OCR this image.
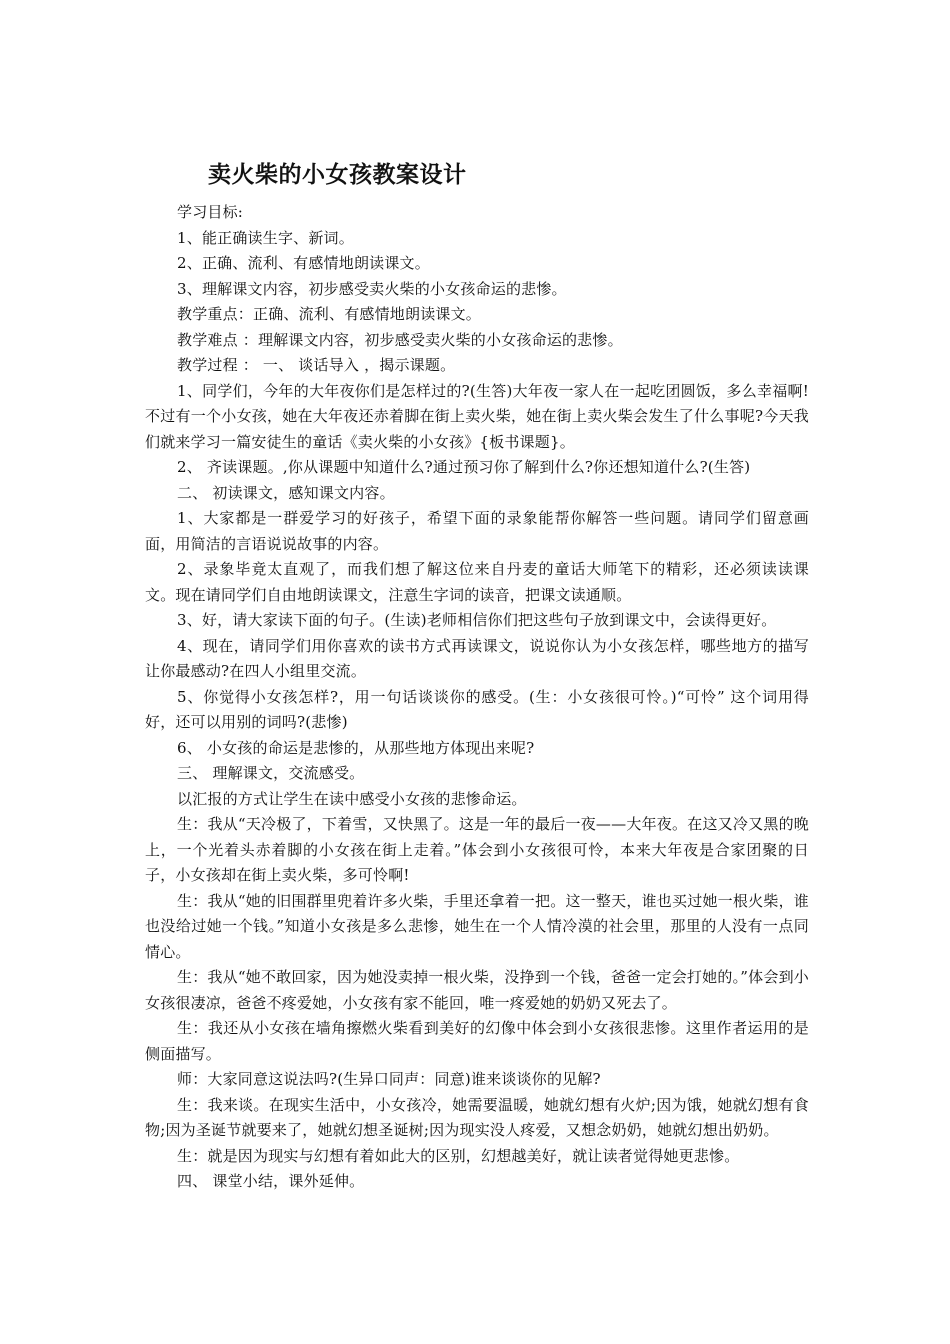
卖火柴的小女孩教案设计

学习目标:

1、能正确读生字、新词。

2、正确、流利、有感情地朗读课文。

3、理解课文内容，初步感受卖火柴的小女孩命运的悲惨。

教学重点：正确、流利、有感情地朗读课文。

教学难点 ：理解课文内容，初步感受卖火柴的小女孩命运的悲惨。

教学过程 ： 一、 谈话导入 ，揭示课题。

1、同学们，今年的大年夜你们是怎样过的?(生答)大年夜一家人在一起吃团圆饭，多么幸福啊!不过有一个小女孩，她在大年夜还赤着脚在街上卖火柴，她在街上卖火柴会发生了什么事呢?今天我们就来学习一篇安徒生的童话《卖火柴的小女孩》{板书课题}。

2、 齐读课题。,你从课题中知道什么?通过预习你了解到什么?你还想知道什么?(生答)

二、 初读课文，感知课文内容。

1、大家都是一群爱学习的好孩子，希望下面的录象能帮你解答一些问题。请同学们留意画面，用简洁的言语说说故事的内容。

2、录象毕竟太直观了，而我们想了解这位来自丹麦的童话大师笔下的精彩，还必须读读课文。现在请同学们自由地朗读课文，注意生字词的读音，把课文读通顺。

3、好，请大家读下面的句子。(生读)老师相信你们把这些句子放到课文中，会读得更好。

4、现在，请同学们用你喜欢的读书方式再读课文，说说你认为小女孩怎样，哪些地方的描写让你最感动?在四人小组里交流。

5、你觉得小女孩怎样?，用一句话谈谈你的感受。(生：小女孩很可怜。)“可怜” 这个词用得好，还可以用别的词吗?(悲惨)

6、 小女孩的命运是悲惨的，从那些地方体现出来呢?

三、 理解课文，交流感受。

以汇报的方式让学生在读中感受小女孩的悲惨命运。

生：我从“天冷极了，下着雪，又快黑了。这是一年的最后一夜——大年夜。在这又冷又黑的晚上，一个光着头赤着脚的小女孩在街上走着。”体会到小女孩很可怜，本来大年夜是合家团聚的日子，小女孩却在街上卖火柴，多可怜啊!

生：我从“她的旧围群里兜着许多火柴，手里还拿着一把。这一整天，谁也买过她一根火柴，谁也没给过她一个钱。”知道小女孩是多么悲惨，她生在一个人情冷漠的社会里，那里的人没有一点同情心。

生：我从“她不敢回家，因为她没卖掉一根火柴，没挣到一个钱，爸爸一定会打她的。”体会到小女孩很凄凉，爸爸不疼爱她，小女孩有家不能回，唯一疼爱她的奶奶又死去了。

生：我还从小女孩在墙角擦燃火柴看到美好的幻像中体会到小女孩很悲惨。这里作者运用的是侧面描写。

师：大家同意这说法吗?(生异口同声：同意)谁来谈谈你的见解?

生：我来谈。在现实生活中，小女孩冷，她需要温暖，她就幻想有火炉;因为饿，她就幻想有食物;因为圣诞节就要来了，她就幻想圣诞树;因为现实没人疼爱，又想念奶奶，她就幻想出奶奶。

生：就是因为现实与幻想有着如此大的区别，幻想越美好，就让读者觉得她更悲惨。

四、 课堂小结，课外延伸。
